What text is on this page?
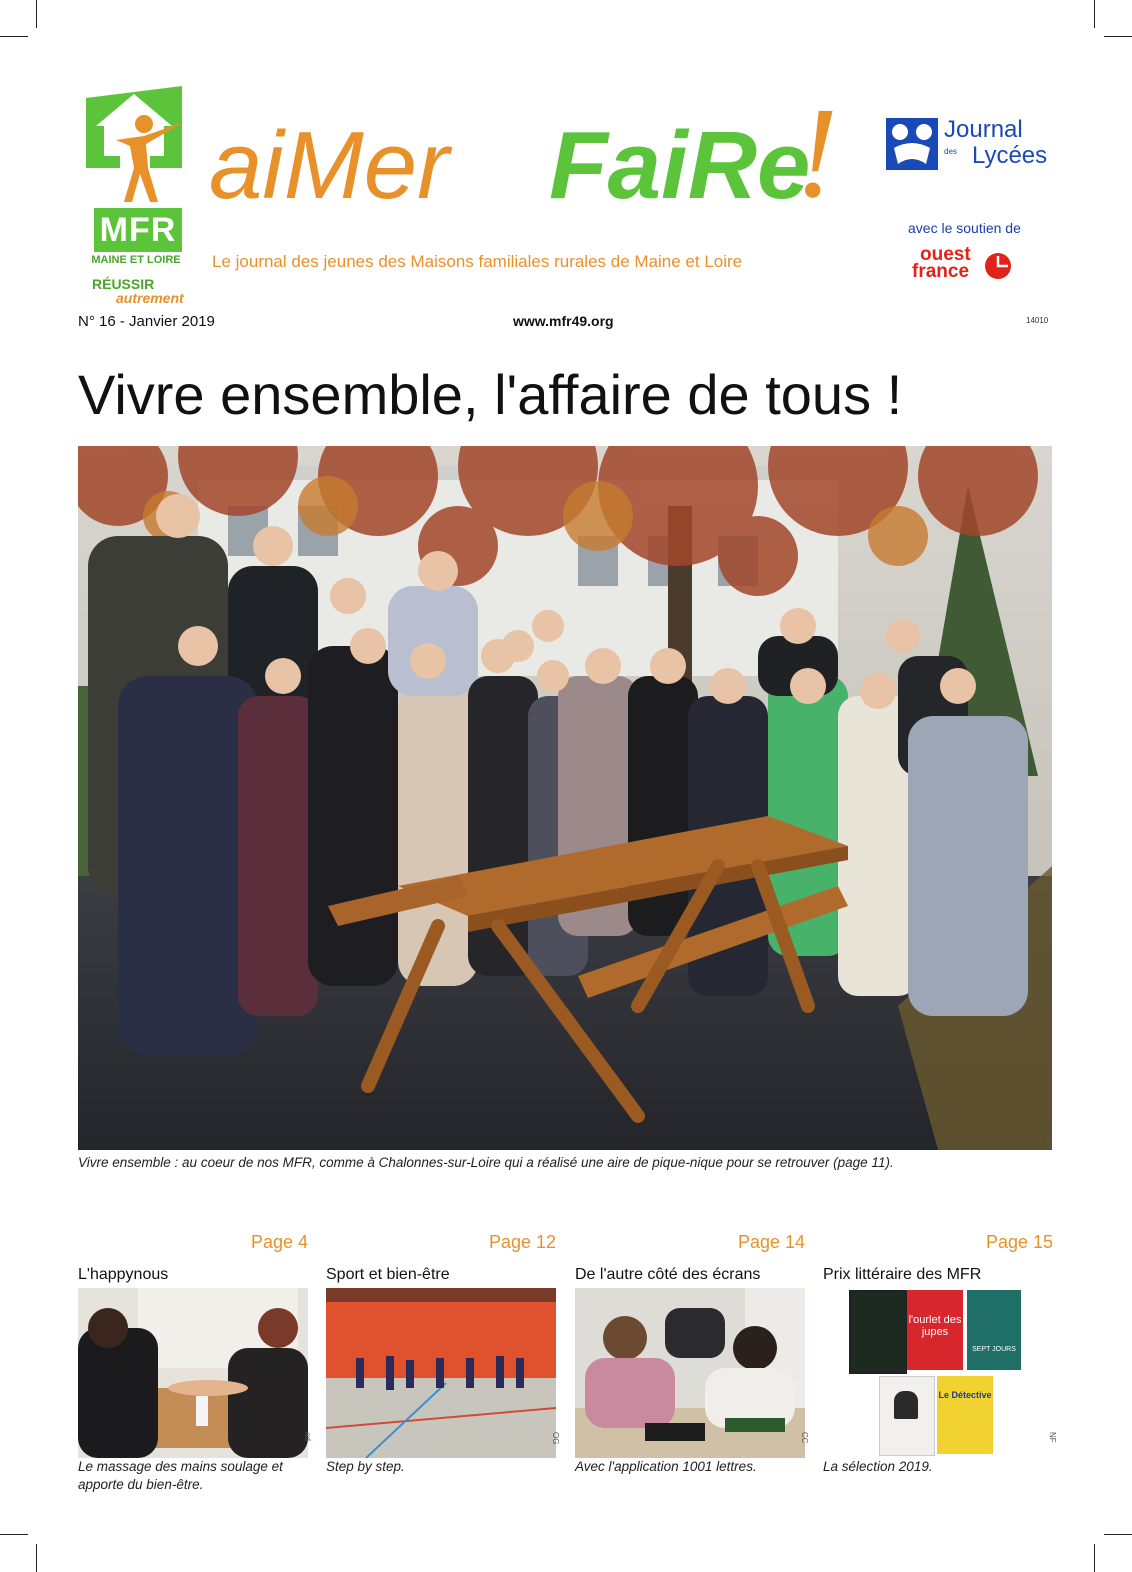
MFR
MAINE ET LOIRE
RÉUSSIR
autrement
aiMer FaiRe
!
Le journal des jeunes des Maisons familiales rurales de Maine et Loire
Journal
des Lycées
avec le soutien de
ouest
france
N° 16 - Janvier 2019	www.mfr49.org	14010
Vivre ensemble, l'affaire de tous !
cbd
Vivre ensemble : au coeur de nos MFR, comme à Chalonnes-sur-Loire qui a réalisé une aire de pique-nique pour se retrouver (page 11).
Page 4
L'happynous
Le massage des mains soulage et apporte du bien-être.
ad
Page 12
Sport et bien-être
Step by step.
OG
Page 14
De l'autre côté des écrans
Avec l'application 1001 lettres.
CC
Page 15
Prix littéraire des MFR
l'ourlet des jupes
SEPT JOURS
Le Détective
La sélection 2019.
NF
